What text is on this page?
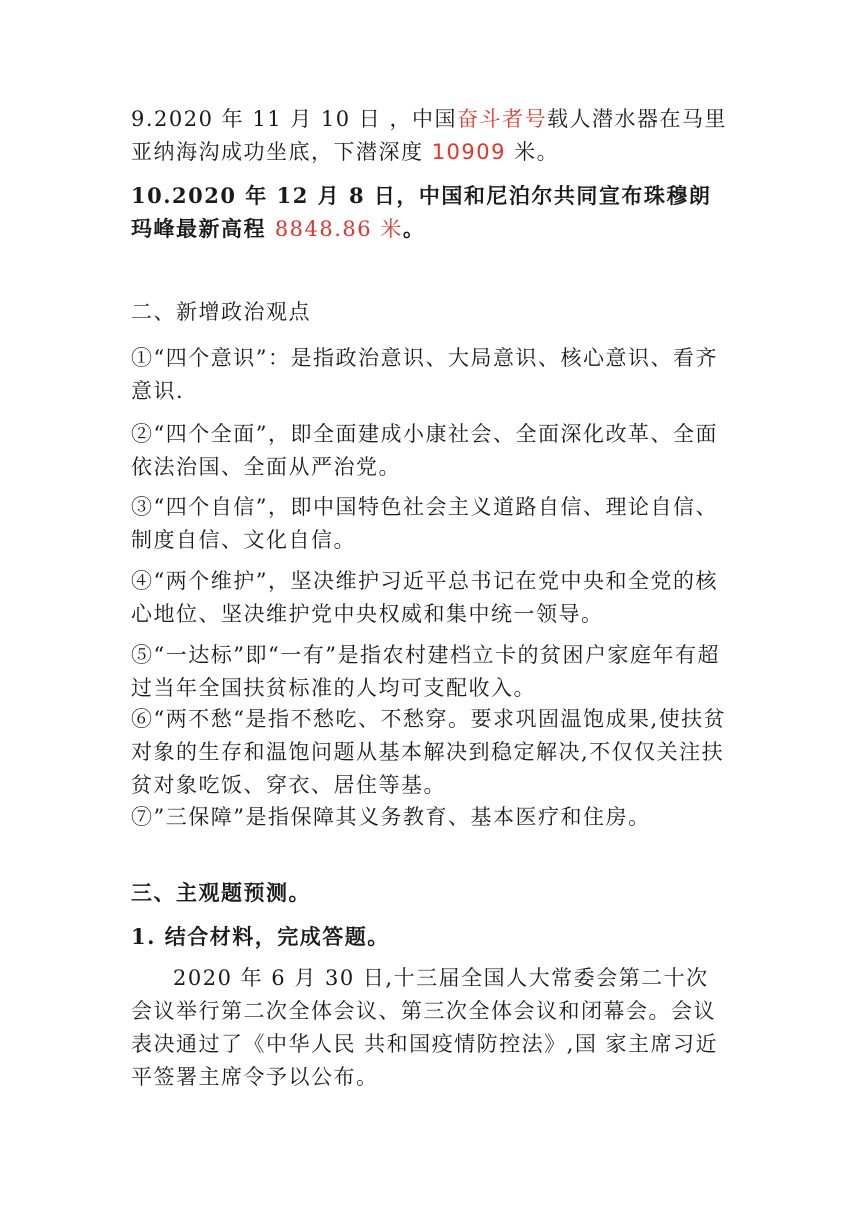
9.2020 年 11 月 10 日 ，中国奋斗者号载人潜水器在马里亚纳海沟成功坐底，下潜深度 10909 米。

10.2020 年 12 月 8 日，中国和尼泊尔共同宣布珠穆朗玛峰最新高程 8848.86 米。

二、新增政治观点

①“四个意识”：是指政治意识、大局意识、核心意识、看齐意识.

②“四个全面”，即全面建成小康社会、全面深化改革、全面依法治国、全面从严治党。

③“四个自信”，即中国特色社会主义道路自信、理论自信、制度自信、文化自信。

④“两个维护”，坚决维护习近平总书记在党中央和全党的核心地位、坚决维护党中央权威和集中统一领导。

⑤“一达标”即“一有”是指农村建档立卡的贫困户家庭年有超过当年全国扶贫标准的人均可支配收入。

⑥“两不愁“是指不愁吃、不愁穿。要求巩固温饱成果,使扶贫对象的生存和温饱问题从基本解决到稳定解决,不仅仅关注扶贫对象吃饭、穿衣、居住等基。

⑦”三保障”是指保障其义务教育、基本医疗和住房。

三、主观题预测。
1. 结合材料，完成答题。

2020 年 6 月 30 日,十三届全国人大常委会第二十次会议举行第二次全体会议、第三次全体会议和闭幕会。会议表决通过了《中华人民 共和国疫情防控法》,国 家主席习近平签署主席令予以公布。
